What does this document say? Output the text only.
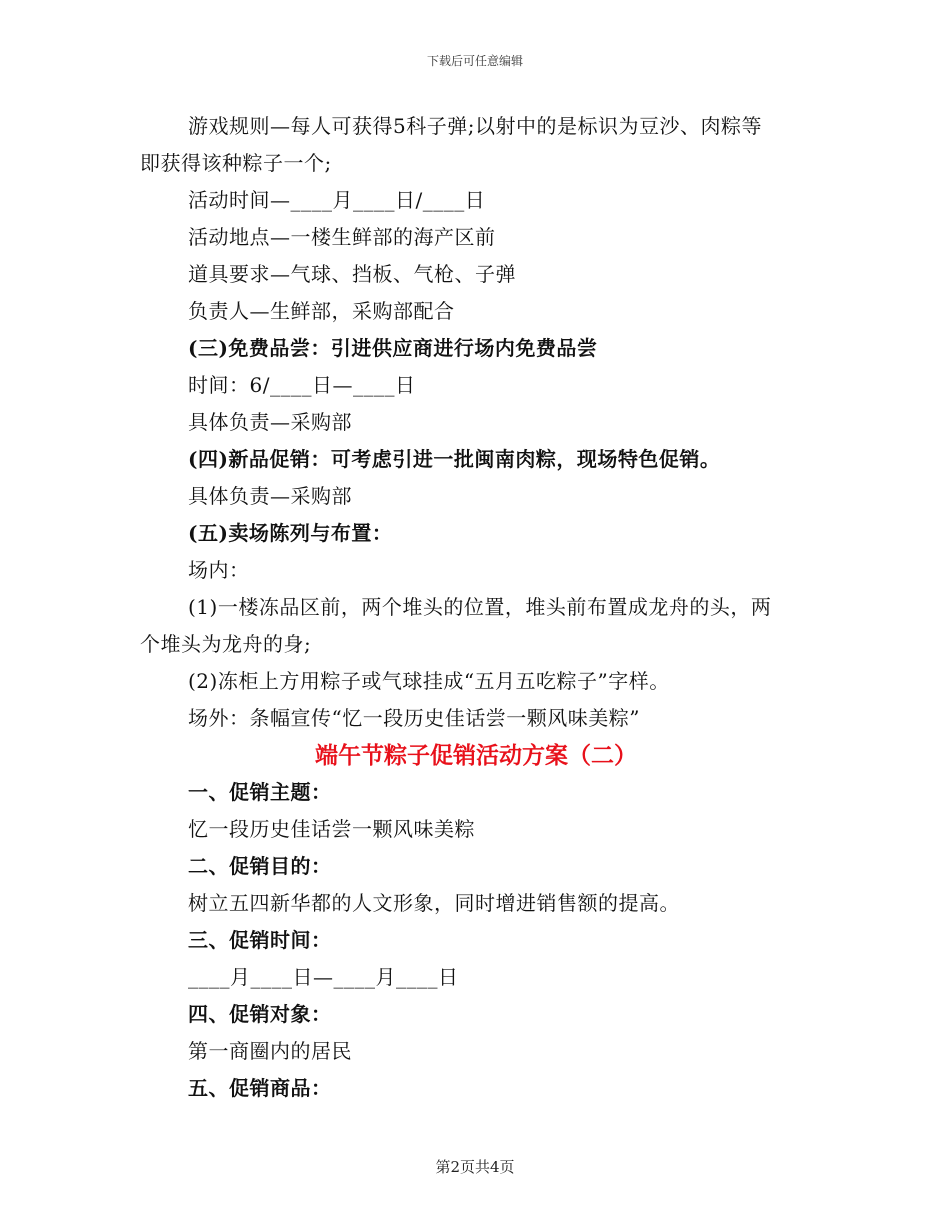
下载后可任意编辑
游戏规则—每人可获得5科子弹;以射中的是标识为豆沙、肉粽等
即获得该种粽子一个;
活动时间—____月____日/____日
活动地点—一楼生鲜部的海产区前
道具要求—气球、挡板、气枪、子弹
负责人—生鲜部，采购部配合
(三)免费品尝：引进供应商进行场内免费品尝
时间：6/____日—____日
具体负责—采购部
(四)新品促销：可考虑引进一批闽南肉粽，现场特色促销。
具体负责—采购部
(五)卖场陈列与布置：
场内：
(1)一楼冻品区前，两个堆头的位置，堆头前布置成龙舟的头，两
个堆头为龙舟的身;
(2)冻柜上方用粽子或气球挂成“五月五吃粽子”字样。
场外：条幅宣传“忆一段历史佳话尝一颗风味美粽”
端午节粽子促销活动方案（二）
一、促销主题：
忆一段历史佳话尝一颗风味美粽
二、促销目的：
树立五四新华都的人文形象，同时增进销售额的提高。
三、促销时间：
____月____日—____月____日
四、促销对象：
第一商圈内的居民
五、促销商品：
第2页共4页
